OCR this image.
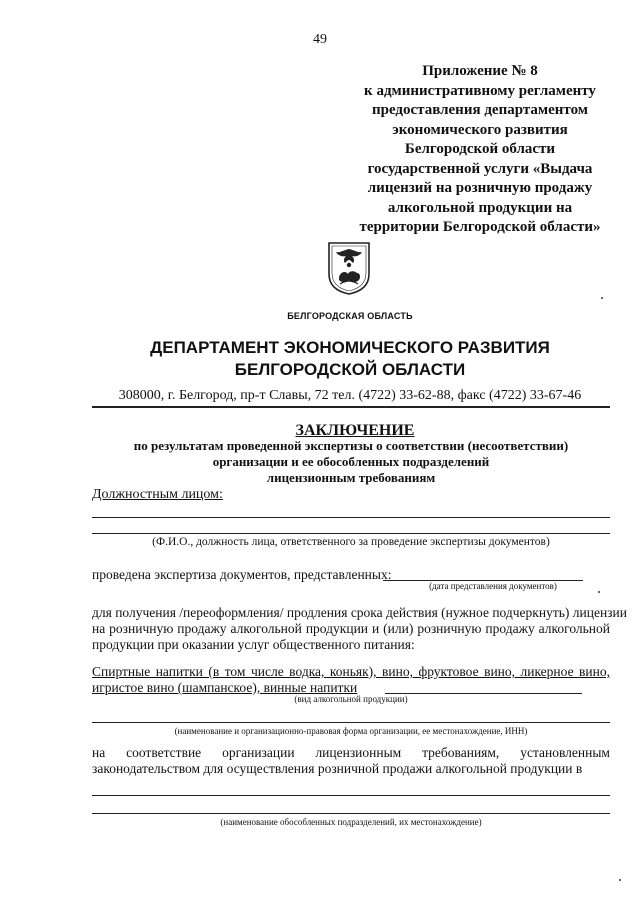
49
Приложение № 8
к административному регламенту
предоставления департаментом
экономического развития
Белгородской области
государственной услуги «Выдача
лицензий на розничную продажу
алкогольной продукции на
территории Белгородской области»
БЕЛГОРОДСКАЯ ОБЛАСТЬ
ДЕПАРТАМЕНТ ЭКОНОМИЧЕСКОГО РАЗВИТИЯ
БЕЛГОРОДСКОЙ ОБЛАСТИ
308000, г. Белгород, пр-т Славы, 72 тел. (4722) 33-62-88, факс (4722) 33-67-46
ЗАКЛЮЧЕНИЕ
по результатам проведенной экспертизы о соответствии (несоответствии)
организации и ее обособленных подразделений
лицензионным требованиям
Должностным лицом:
(Ф.И.О., должность лица, ответственного за проведение экспертизы документов)
проведена экспертиза документов, представленных:
(дата представления документов)
для получения /переоформления/ продления срока действия (нужное подчеркнуть) лицензии
на розничную продажу алкогольной продукции и (или) розничную продажу алкогольной
продукции при оказании услуг общественного питания:
Спиртные напитки (в том числе водка, коньяк), вино, фруктовое вино, ликерное вино,
игристое вино (шампанское), винные напитки
(вид алкогольной продукции)
(наименование и организационно-правовая форма организации, ее местонахождение, ИНН)
на соответствие организации лицензионным требованиям, установленным
законодательством для осуществления розничной продажи алкогольной продукции в
(наименование обособленных подразделений, их местонахождение)
